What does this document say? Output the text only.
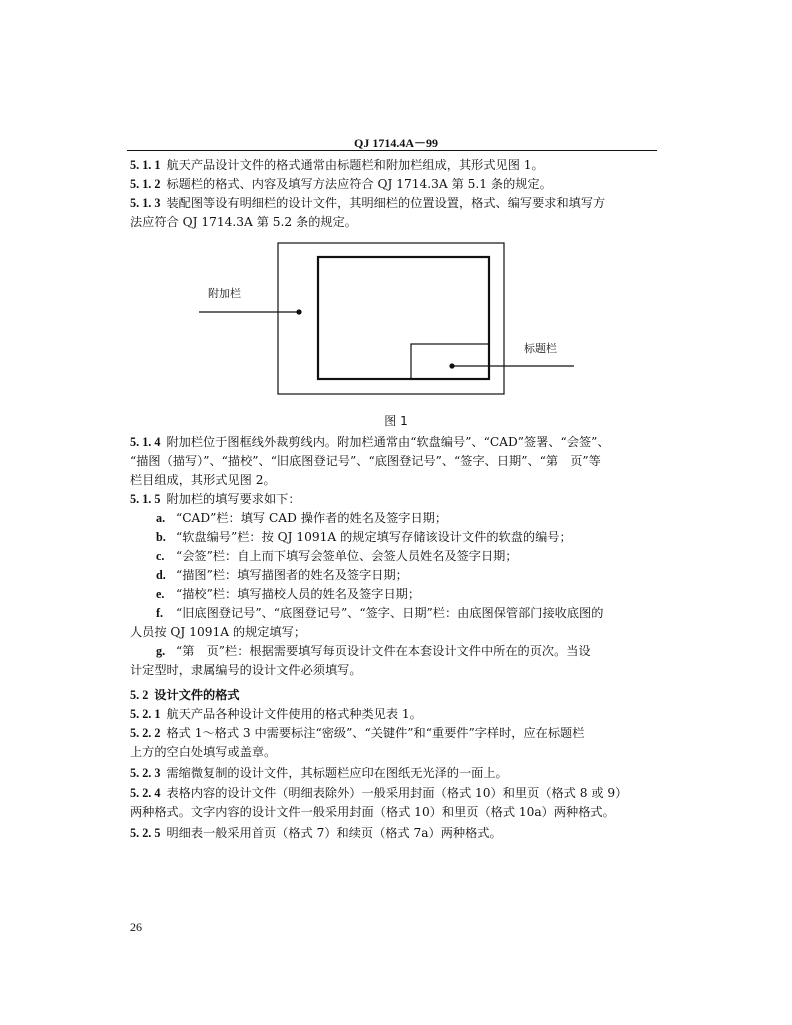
QJ 1714.4A－99

5. 1. 1 航天产品设计文件的格式通常由标题栏和附加栏组成，其形式见图 1。

5. 1. 2 标题栏的格式、内容及填写方法应符合 QJ 1714.3A 第 5.1 条的规定。

5. 1. 3 装配图等设有明细栏的设计文件，其明细栏的位置设置，格式、编写要求和填写方
法应符合 QJ 1714.3A 第 5.2 条的规定。

附加栏
标题栏
图 1

5. 1. 4 附加栏位于图框线外裁剪线内。附加栏通常由“软盘编号”、“CAD”签署、“会签”、
“描图（描写）”、“描校”、“旧底图登记号”、“底图登记号”、“签字、日期”、“第　页”等
栏目组成，其形式见图 2。

5. 1. 5 附加栏的填写要求如下：
a. “CAD”栏：填写 CAD 操作者的姓名及签字日期；
b. “软盘编号”栏：按 QJ 1091A 的规定填写存储该设计文件的软盘的编号；
c. “会签”栏：自上而下填写会签单位、会签人员姓名及签字日期；
d. “描图”栏：填写描图者的姓名及签字日期；
e. “描校”栏：填写描校人员的姓名及签字日期；
f. “旧底图登记号”、“底图登记号”、“签字、日期”栏：由底图保管部门接收底图的
人员按 QJ 1091A 的规定填写；
g. “第　页”栏：根据需要填写每页设计文件在本套设计文件中所在的页次。当设
计定型时，隶属编号的设计文件必须填写。

5. 2 设计文件的格式

5. 2. 1 航天产品各种设计文件使用的格式种类见表 1。

5. 2. 2 格式 1～格式 3 中需要标注“密级”、“关键件”和“重要件”字样时，应在标题栏
上方的空白处填写或盖章。

5. 2. 3 需缩微复制的设计文件，其标题栏应印在图纸无光泽的一面上。

5. 2. 4 表格内容的设计文件（明细表除外）一般采用封面（格式 10）和里页（格式 8 或 9）
两种格式。文字内容的设计文件一般采用封面（格式 10）和里页（格式 10a）两种格式。

5. 2. 5 明细表一般采用首页（格式 7）和续页（格式 7a）两种格式。

26
